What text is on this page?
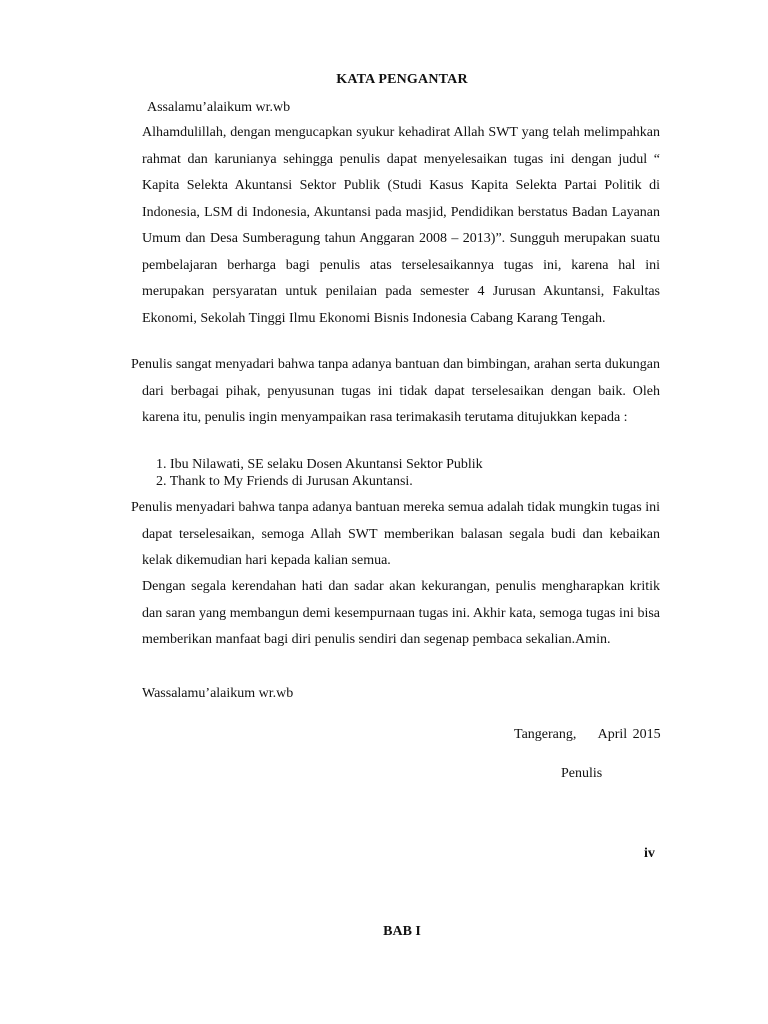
KATA PENGANTAR
Assalamu’alaikum wr.wb
Alhamdulillah, dengan mengucapkan syukur kehadirat Allah SWT yang telah melimpahkan rahmat dan karunianya sehingga penulis dapat menyelesaikan tugas ini dengan judul “ Kapita Selekta Akuntansi Sektor Publik (Studi Kasus Kapita Selekta Partai Politik di Indonesia, LSM di Indonesia, Akuntansi pada masjid, Pendidikan berstatus Badan Layanan Umum dan Desa Sumberagung tahun Anggaran 2008 – 2013)”. Sungguh merupakan suatu pembelajaran berharga bagi penulis atas terselesaikannya tugas ini, karena hal ini merupakan persyaratan untuk penilaian pada semester 4 Jurusan Akuntansi, Fakultas Ekonomi, Sekolah Tinggi Ilmu Ekonomi Bisnis Indonesia Cabang Karang Tengah.
Penulis sangat menyadari bahwa tanpa adanya bantuan dan bimbingan, arahan serta dukungan dari berbagai pihak, penyusunan tugas ini tidak dapat terselesaikan dengan baik. Oleh karena itu, penulis ingin menyampaikan rasa terimakasih terutama ditujukkan kepada :
1. Ibu Nilawati, SE selaku Dosen Akuntansi Sektor Publik
2. Thank to My Friends di Jurusan Akuntansi.
Penulis menyadari bahwa tanpa adanya bantuan mereka semua adalah tidak mungkin tugas ini dapat terselesaikan, semoga Allah SWT memberikan balasan segala budi dan kebaikan kelak dikemudian hari kepada kalian semua.
Dengan segala kerendahan hati dan sadar akan kekurangan, penulis mengharapkan kritik dan saran yang membangun demi kesempurnaan tugas ini. Akhir kata, semoga tugas ini bisa memberikan manfaat bagi diri penulis sendiri dan segenap pembaca sekalian.Amin.
Wassalamu’alaikum wr.wb
Tangerang,    April 2015
Penulis
iv
BAB I
